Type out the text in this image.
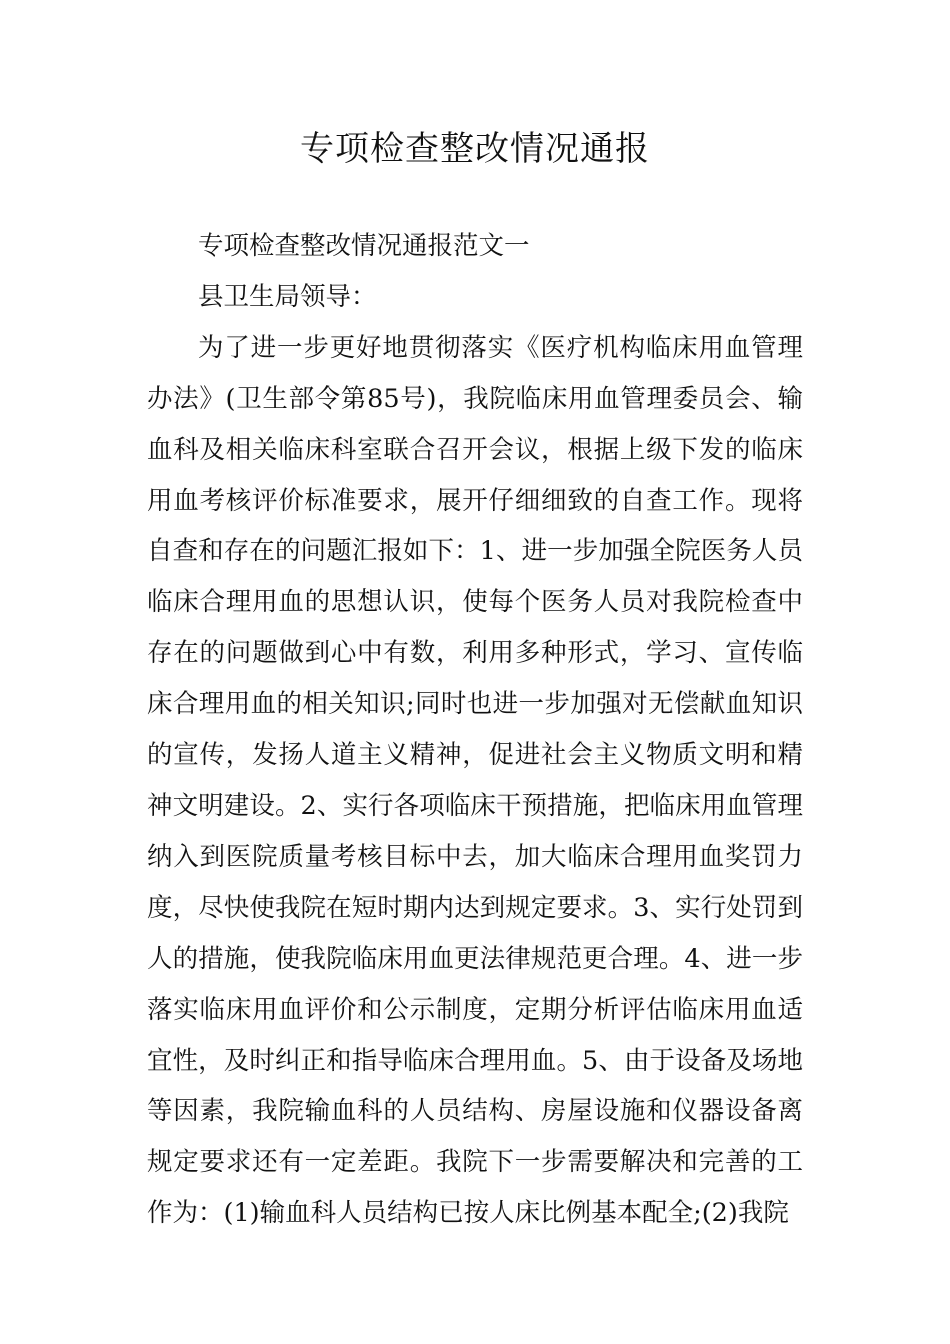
专项检查整改情况通报

专项检查整改情况通报范文一

县卫生局领导：

为了进一步更好地贯彻落实《医疗机构临床用血管理办法》(卫生部令第85号)，我院临床用血管理委员会、输血科及相关临床科室联合召开会议，根据上级下发的临床用血考核评价标准要求，展开仔细细致的自查工作。现将自查和存在的问题汇报如下：1、进一步加强全院医务人员临床合理用血的思想认识，使每个医务人员对我院检查中存在的问题做到心中有数，利用多种形式，学习、宣传临床合理用血的相关知识;同时也进一步加强对无偿献血知识的宣传，发扬人道主义精神，促进社会主义物质文明和精神文明建设。2、实行各项临床干预措施，把临床用血管理纳入到医院质量考核目标中去，加大临床合理用血奖罚力度，尽快使我院在短时期内达到规定要求。3、实行处罚到人的措施，使我院临床用血更法律规范更合理。4、进一步落实临床用血评价和公示制度，定期分析评估临床用血适宜性，及时纠正和指导临床合理用血。5、由于设备及场地等因素，我院输血科的人员结构、房屋设施和仪器设备离规定要求还有一定差距。我院下一步需要解决和完善的工作为：(1)输血科人员结构已按人床比例基本配全;(2)我院
